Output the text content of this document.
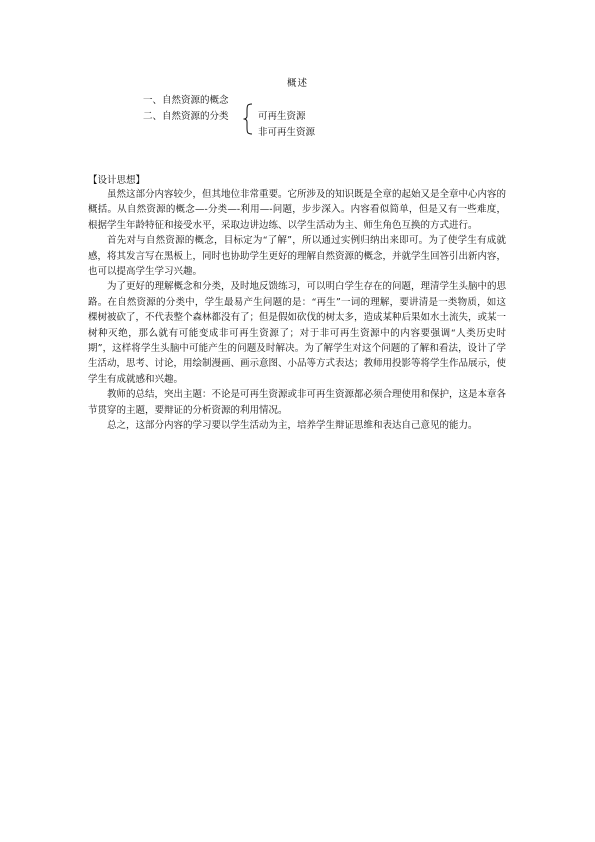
概述
一、自然资源的概念
二、自然资源的分类	可再生资源
非可再生资源
【设计思想】

虽然这部分内容较少，但其地位非常重要。它所涉及的知识既是全章的起始又是全章中心内容的概括。从自然资源的概念—-分类—-利用—-问题，步步深入。内容看似简单，但是又有一些难度，根据学生年龄特征和接受水平，采取边讲边练、以学生活动为主、师生角色互换的方式进行。

首先对与自然资源的概念，目标定为“了解”，所以通过实例归纳出来即可。为了使学生有成就感，将其发言写在黑板上，同时也协助学生更好的理解自然资源的概念，并就学生回答引出新内容，也可以提高学生学习兴趣。

为了更好的理解概念和分类，及时地反馈练习，可以明白学生存在的问题，理清学生头脑中的思路。在自然资源的分类中，学生最易产生问题的是：“再生”一词的理解，要讲清是一类物质，如这棵树被砍了，不代表整个森林都没有了；但是假如砍伐的树太多，造成某种后果如水土流失，或某一树种灭绝，那么就有可能变成非可再生资源了；对于非可再生资源中的内容要强调“人类历史时期”，这样将学生头脑中可能产生的问题及时解决。为了解学生对这个问题的了解和看法，设计了学生活动，思考、讨论，用绘制漫画、画示意图、小品等方式表达；教师用投影等将学生作品展示，使学生有成就感和兴趣。

教师的总结，突出主题：不论是可再生资源或非可再生资源都必须合理使用和保护，这是本章各节贯穿的主题，要辩证的分析资源的利用情况。

总之，这部分内容的学习要以学生活动为主，培养学生辩证思维和表达自己意见的能力。
